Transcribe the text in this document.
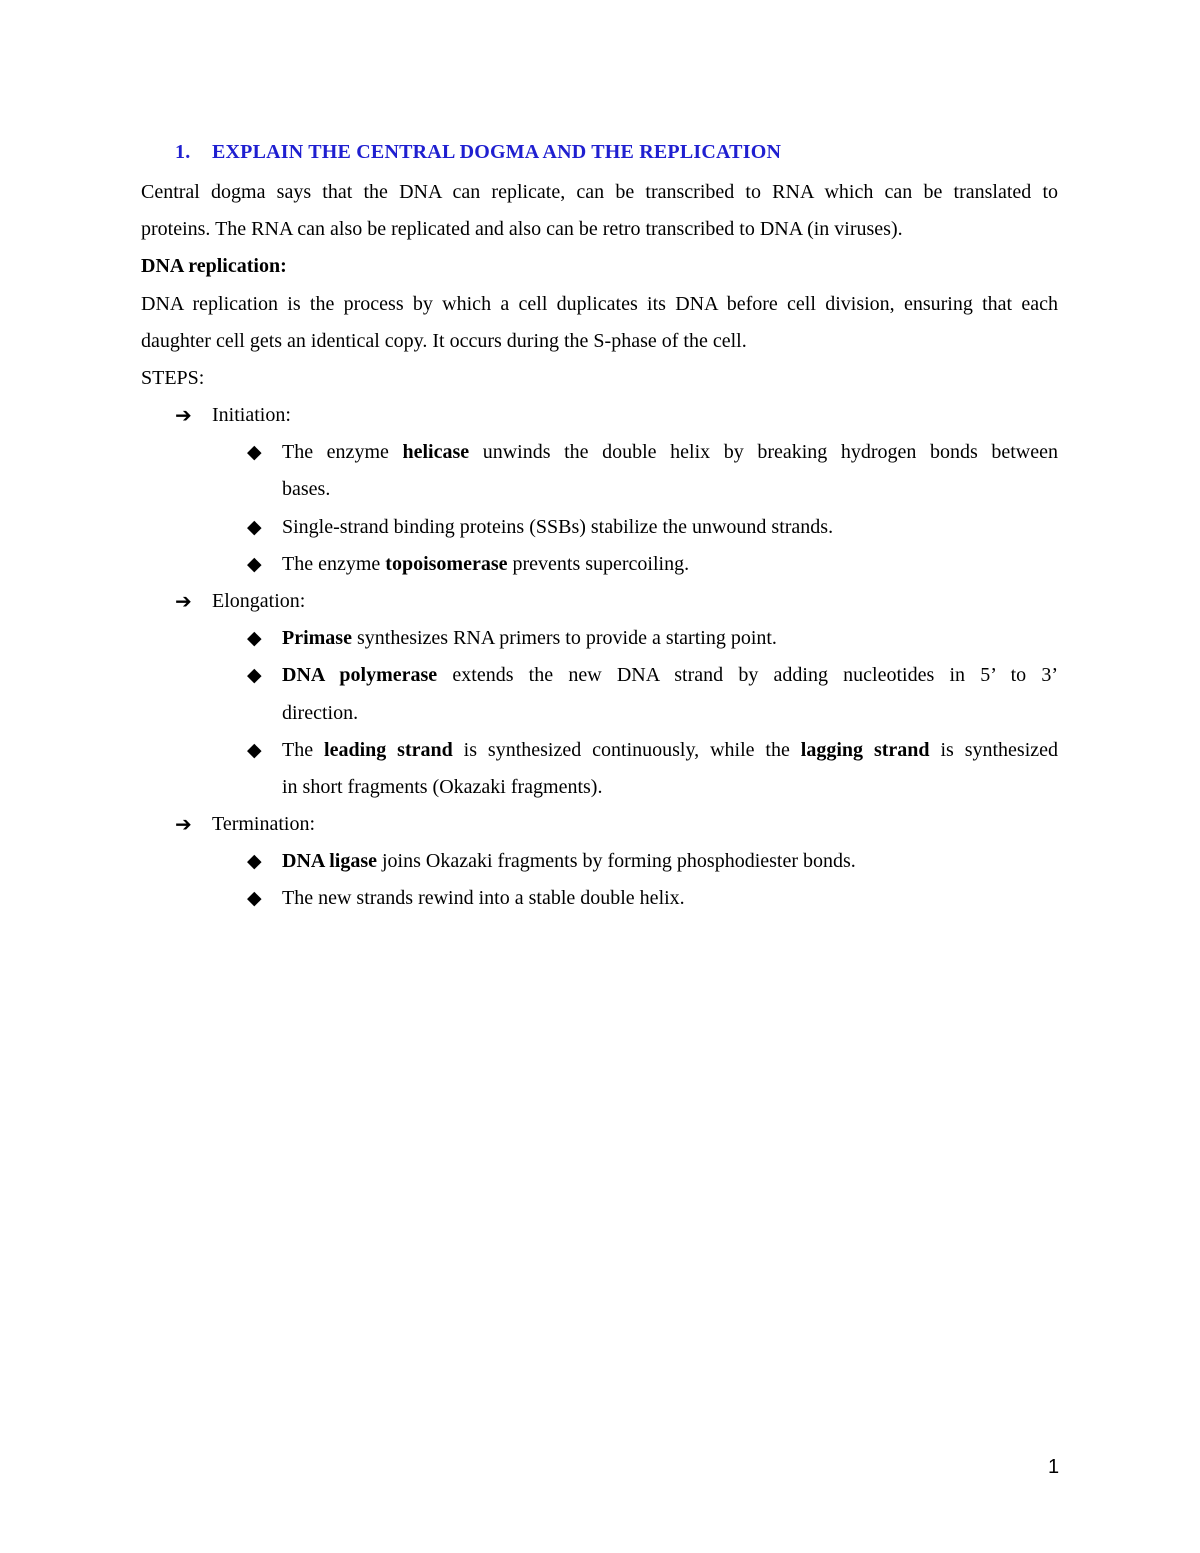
1. EXPLAIN THE CENTRAL DOGMA AND THE REPLICATION
Central dogma says that the DNA can replicate, can be transcribed to RNA which can be translated to
proteins. The RNA can also be replicated and also can be retro transcribed to DNA (in viruses).
DNA replication:
DNA replication is the process by which a cell duplicates its DNA before cell division, ensuring that each
daughter cell gets an identical copy. It occurs during the S-phase of the cell.
STEPS:
➔ Initiation:
◆ The enzyme helicase unwinds the double helix by breaking hydrogen bonds between
bases.
◆ Single-strand binding proteins (SSBs) stabilize the unwound strands.
◆ The enzyme topoisomerase prevents supercoiling.
➔ Elongation:
◆ Primase synthesizes RNA primers to provide a starting point.
◆ DNA polymerase extends the new DNA strand by adding nucleotides in 5’ to 3’
direction.
◆ The leading strand is synthesized continuously, while the lagging strand is synthesized
in short fragments (Okazaki fragments).
➔ Termination:
◆ DNA ligase joins Okazaki fragments by forming phosphodiester bonds.
◆ The new strands rewind into a stable double helix.
1
